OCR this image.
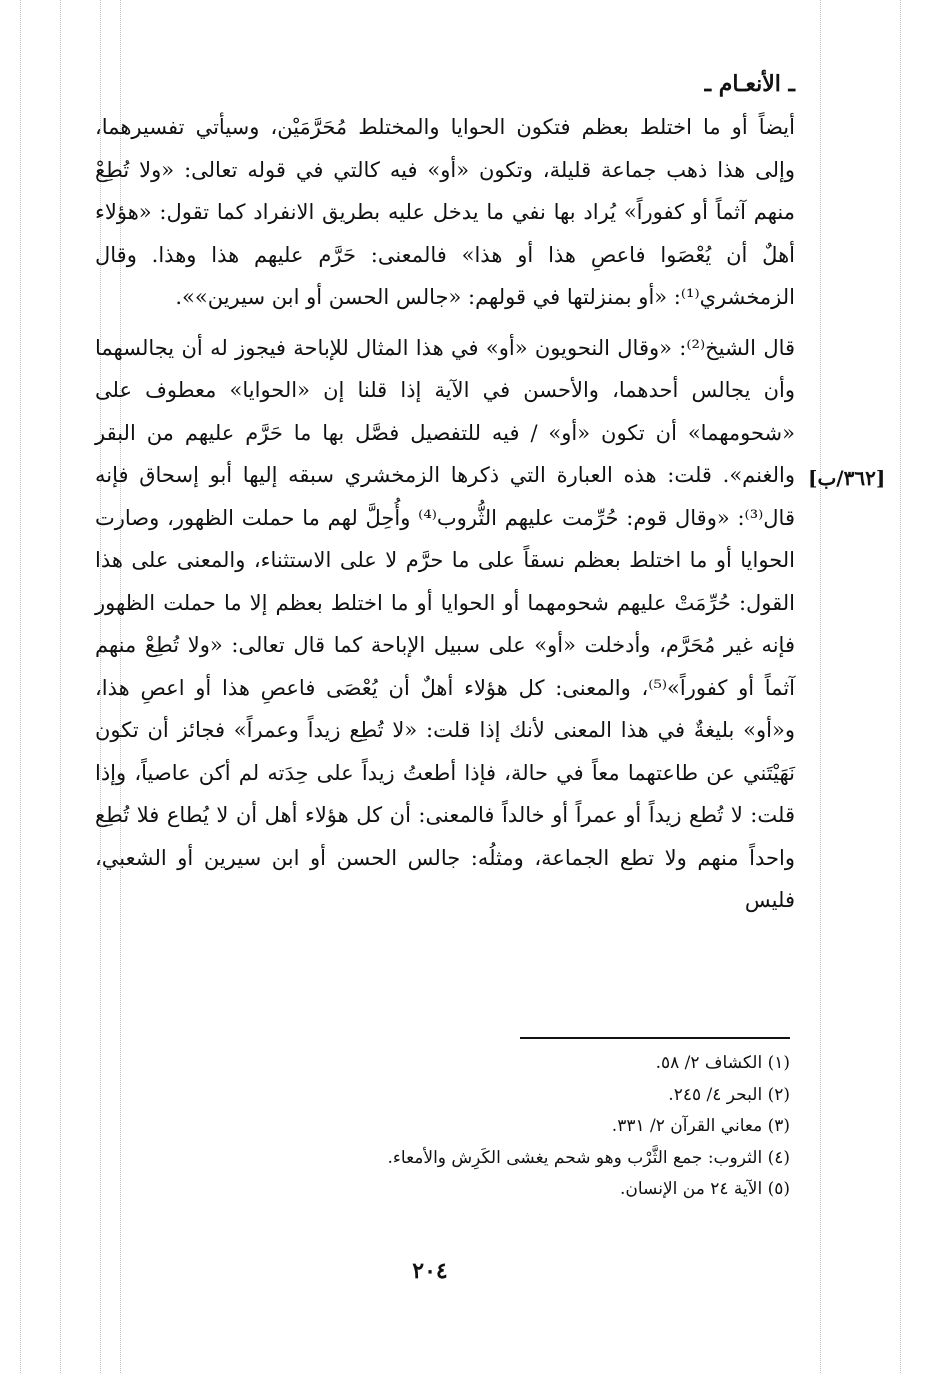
ـ الأنعـام ـ

أيضاً أو ما اختلط بعظم فتكون الحوايا والمختلط مُحَرَّمَيْن، وسيأتي تفسيرهما، وإلى هذا ذهب جماعة قليلة، وتكون «أو» فيه كالتي في قوله تعالى: «ولا تُطِعْ منهم آثماً أو كفوراً» يُراد بها نفي ما يدخل عليه بطريق الانفراد كما تقول: «هؤلاء أهلٌ أن يُعْصَوا فاعصِ هذا أو هذا» فالمعنى: حَرَّم عليهم هذا وهذا. وقال الزمخشري⁽¹⁾: «أو بمنزلتها في قولهم: «جالس الحسن أو ابن سيرين»».

قال الشيخ⁽²⁾: «وقال النحويون «أو» في هذا المثال للإباحة فيجوز له أن يجالسهما وأن يجالس أحدهما، والأحسن في الآية إذا قلنا إن «الحوايا» معطوف على «شحومهما» أن تكون «أو» / فيه للتفصيل فصَّل بها ما حَرَّم عليهم من البقر والغنم». قلت: هذه العبارة التي ذكرها الزمخشري سبقه إليها أبو إسحاق فإنه قال⁽³⁾: «وقال قوم: حُرِّمت عليهم الثُّروب⁽⁴⁾ وأُحِلَّ لهم ما حملت الظهور، وصارت الحوايا أو ما اختلط بعظم نسقاً على ما حرَّم لا على الاستثناء، والمعنى على هذا القول: حُرِّمَتْ عليهم شحومهما أو الحوايا أو ما اختلط بعظم إلا ما حملت الظهور فإنه غير مُحَرَّم، وأدخلت «أو» على سبيل الإباحة كما قال تعالى: «ولا تُطِعْ منهم آثماً أو كفوراً»⁽⁵⁾، والمعنى: كل هؤلاء أهلٌ أن يُعْصَى فاعصِ هذا أو اعصِ هذا، و«أو» بليغةٌ في هذا المعنى لأنك إذا قلت: «لا تُطِع زيداً وعمراً» فجائز أن تكون نَهَيْتَني عن طاعتهما معاً في حالة، فإذا أطعتُ زيداً على حِدَته لم أكن عاصياً، وإذا قلت: لا تُطع زيداً أو عمراً أو خالداً فالمعنى: أن كل هؤلاء أهل أن لا يُطاع فلا تُطِع واحداً منهم ولا تطع الجماعة، ومثلُه: جالس الحسن أو ابن سيرين أو الشعبي، فليس

[٣٦٢/ب]
(١) الكشاف ٢/ ٥٨.
(٢) البحر ٤/ ٢٤٥.
(٣) معاني القرآن ٢/ ٣٣١.
(٤) الثروب: جمع الثَّرْب وهو شحم يغشى الكَرِش والأمعاء.
(٥) الآية ٢٤ من الإنسان.
٢٠٤
